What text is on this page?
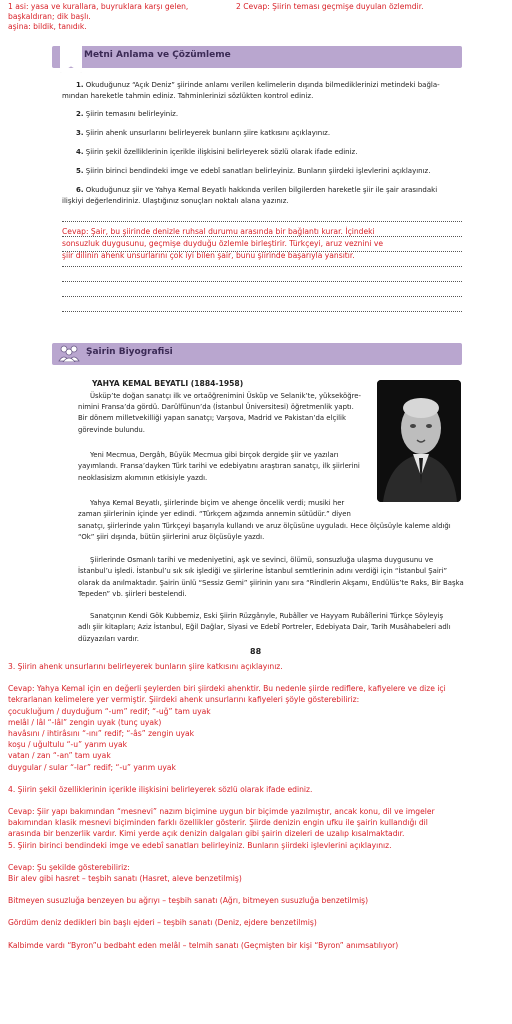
1 asi: yasa ve kurallara, buyruklara karşı gelen,
başkaldıran; dik başlı.
aşina: bildik, tanıdık.
2 Cevap: Şiirin teması geçmişe duyulan özlemdir.
Metni Anlama ve Çözümleme
1. Okuduğunuz “Açık Deniz” şiirinde anlamı verilen kelimelerin dışında bilmediklerinizi metindeki bağla-
mından hareketle tahmin ediniz. Tahminlerinizi sözlükten kontrol ediniz.
2. Şiirin temasını belirleyiniz.
3. Şiirin ahenk unsurlarını belirleyerek bunların şiire katkısını açıklayınız.
4. Şiirin şekil özelliklerinin içerikle ilişkisini belirleyerek sözlü olarak ifade ediniz.
5. Şiirin birinci bendindeki imge ve edebî sanatları belirleyiniz. Bunların şiirdeki işlevlerini açıklayınız.
6. Okuduğunuz şiir ve Yahya Kemal Beyatlı hakkında verilen bilgilerden hareketle şiir ile şair arasındaki
ilişkiyi değerlendiriniz. Ulaştığınız sonuçları noktalı alana yazınız.
Cevap: Şair, bu şiirinde denizle ruhsal durumu arasında bir bağlantı kurar. İçindeki
sonsuzluk duygusunu, geçmişe duyduğu özlemle birleştirir. Türkçeyi, aruz veznini ve
şiir dilinin ahenk unsurlarını çok iyi bilen şair, bunu şiirinde başarıyla yansıtır.
Şairin Biyografisi
YAHYA KEMAL BEYATLI (1884-1958)
Üsküp’te doğan sanatçı ilk ve ortaöğrenimini Üsküp ve Selanik’te, yükseköğre-
nimini Fransa’da gördü. Darülfünun’da (İstanbul Üniversitesi) öğretmenlik yaptı.
Bir dönem milletvekilliği yapan sanatçı; Varşova, Madrid ve Pakistan’da elçilik
görevinde bulundu.
Yeni Mecmua, Dergâh, Büyük Mecmua gibi birçok dergide şiir ve yazıları
yayımlandı. Fransa’dayken Türk tarihi ve edebiyatını araştıran sanatçı, ilk şiirlerini
neoklasisizm akımının etkisiyle yazdı.
Yahya Kemal Beyatlı, şiirlerinde biçim ve ahenge öncelik verdi; musiki her
zaman şiirlerinin içinde yer edindi. “Türkçem ağzımda annemin sütüdür.” diyen
sanatçı, şiirlerinde yalın Türkçeyi başarıyla kullandı ve aruz ölçüsüne uyguladı. Hece ölçüsüyle kaleme aldığı
“Ok” şiiri dışında, bütün şiirlerini aruz ölçüsüyle yazdı.
Şiirlerinde Osmanlı tarihi ve medeniyetini, aşk ve sevinci, ölümü, sonsuzluğa ulaşma duygusunu ve
İstanbul’u işledi. İstanbul’u sık sık işlediği ve şiirlerine İstanbul semtlerinin adını verdiği için “İstanbul Şairi”
olarak da anılmaktadır. Şairin ünlü “Sessiz Gemi” şiirinin yanı sıra “Rindlerin Akşamı, Endülüs’te Raks, Bir Başka
Tepeden” vb. şiirleri bestelendi.
Sanatçının Kendi Gök Kubbemiz, Eski Şiirin Rüzgârıyle, Rubâîler ve Hayyam Rubâîlerini Türkçe Söyleyiş
adlı şiir kitapları; Aziz İstanbul, Eğil Dağlar, Siyasi ve Edebî Portreler, Edebiyata Dair, Tarih Musâhabeleri adlı
düzyazıları vardır.
88
3. Şiirin ahenk unsurlarını belirleyerek bunların şiire katkısını açıklayınız.
Cevap: Yahya Kemal için en değerli şeylerden biri şiirdeki ahenktir. Bu nedenle şiirde rediflere, kafiyelere ve dize içi
tekrarlanan kelimelere yer vermiştir. Şiirdeki ahenk unsurlarını kafiyeleri şöyle gösterebiliriz:
çocukluğum / duyduğum “-um” redif; “-uğ” tam uyak
melâl / lâl “-lâl” zengin uyak (tunç uyak)
havâsını / ihtirâsını “-ını” redif; “-âs” zengin uyak
koşu / uğultulu “-u” yarım uyak
vatan / zan “-an” tam uyak
duygular / sular “-lar” redif; “-u” yarım uyak
4. Şiirin şekil özelliklerinin içerikle ilişkisini belirleyerek sözlü olarak ifade ediniz.
Cevap: Şiir yapı bakımından “mesnevi” nazım biçimine uygun bir biçimde yazılmıştır, ancak konu, dil ve imgeler
bakımından klasik mesnevi biçiminden farklı özellikler gösterir. Şiirde denizin engin ufku ile şairin kullandığı dil
arasında bir benzerlik vardır. Kimi yerde açık denizin dalgaları gibi şairin dizeleri de uzalıp kısalmaktadır.
5. Şiirin birinci bendindeki imge ve edebî sanatları belirleyiniz. Bunların şiirdeki işlevlerini açıklayınız.
Cevap: Şu şekilde gösterebiliriz:
Bir alev gibi hasret – teşbih sanatı (Hasret, aleve benzetilmiş)
Bitmeyen susuzluğa benzeyen bu ağrıyı – teşbih sanatı (Ağrı, bitmeyen susuzluğa benzetilmiş)
Gördüm deniz dedikleri bin başlı ejderi – teşbih sanatı (Deniz, ejdere benzetilmiş)
Kalbimde vardı “Byron”u bedbaht eden melâl – telmih sanatı (Geçmişten bir kişi “Byron” anımsatılıyor)
